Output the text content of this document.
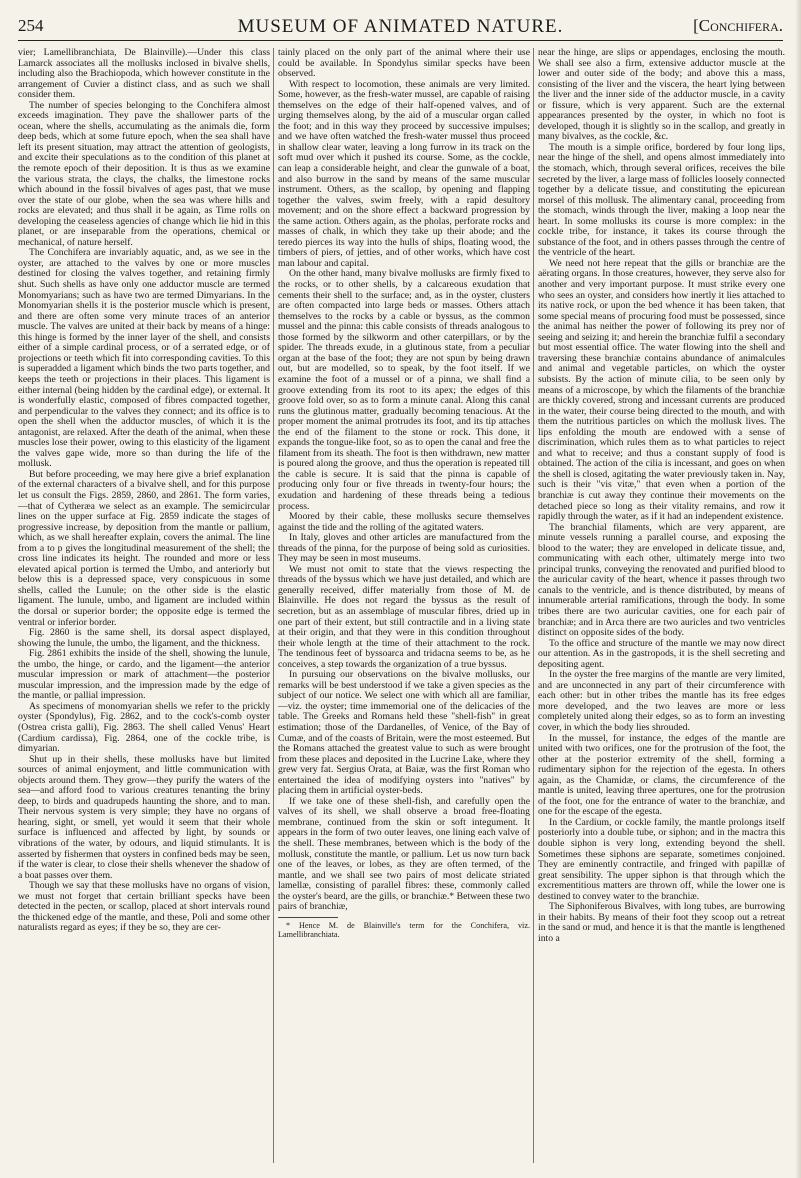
254	MUSEUM OF ANIMATED NATURE.	[Conchifera.

vier; Lamellibranchiata, De Blainville).—Under this class Lamarck associates all the mollusks inclosed in bivalve shells, including also the Brachiopoda, which however constitute in the arrangement of Cuvier a distinct class, and as such we shall consider them.

The number of species belonging to the Conchifera almost exceeds imagination. They pave the shallower parts of the ocean, where the shells, accumulating as the animals die, form deep beds, which at some future epoch, when the sea shall have left its present situation, may attract the attention of geologists, and excite their speculations as to the condition of this planet at the remote epoch of their deposition. It is thus as we examine the various strata, the clays, the chalks, the limestone rocks which abound in the fossil bivalves of ages past, that we muse over the state of our globe, when the sea was where hills and rocks are elevated; and thus shall it be again, as Time rolls on developing the ceaseless agencies of change which lie hid in this planet, or are inseparable from the operations, chemical or mechanical, of nature herself.

The Conchifera are invariably aquatic, and, as we see in the oyster, are attached to the valves by one or more muscles destined for closing the valves together, and retaining firmly shut. Such shells as have only one adductor muscle are termed Monomyarians; such as have two are termed Dimyarians. In the Monomyarian shells it is the posterior muscle which is present, and there are often some very minute traces of an anterior muscle. The valves are united at their back by means of a hinge: this hinge is formed by the inner layer of the shell, and consists either of a simple cardinal process, or of a serrated edge, or of projections or teeth which fit into corresponding cavities. To this is superadded a ligament which binds the two parts together, and keeps the teeth or projections in their places. This ligament is either internal (being hidden by the cardinal edge), or external. It is wonderfully elastic, composed of fibres compacted together, and perpendicular to the valves they connect; and its office is to open the shell when the adductor muscles, of which it is the antagonist, are relaxed. After the death of the animal, when these muscles lose their power, owing to this elasticity of the ligament the valves gape wide, more so than during the life of the mollusk.

But before proceeding, we may here give a brief explanation of the external characters of a bivalve shell, and for this purpose let us consult the Figs. 2859, 2860, and 2861. The form varies,—that of Cytheræa we select as an example. The semicircular lines on the upper surface at Fig. 2859 indicate the stages of progressive increase, by deposition from the mantle or pallium, which, as we shall hereafter explain, covers the animal. The line from a to p gives the longitudinal measurement of the shell; the cross line indicates its height. The rounded and more or less elevated apical portion is termed the Umbo, and anteriorly but below this is a depressed space, very conspicuous in some shells, called the Lunule; on the other side is the elastic ligament. The lunule, umbo, and ligament are included within the dorsal or superior border; the opposite edge is termed the ventral or inferior border.

Fig. 2860 is the same shell, its dorsal aspect displayed, showing the lunule, the umbo, the ligament, and the thickness.

Fig. 2861 exhibits the inside of the shell, showing the lunule, the umbo, the hinge, or cardo, and the ligament—the anterior muscular impression or mark of attachment—the posterior muscular impression, and the impression made by the edge of the mantle, or pallial impression.

As specimens of monomyarian shells we refer to the prickly oyster (Spondylus), Fig. 2862, and to the cock's-comb oyster (Ostrea crista galli), Fig. 2863. The shell called Venus' Heart (Cardium cardissa), Fig. 2864, one of the cockle tribe, is dimyarian.

Shut up in their shells, these mollusks have but limited sources of animal enjoyment, and little communication with objects around them. They grow—they purify the waters of the sea—and afford food to various creatures tenanting the briny deep, to birds and quadrupeds haunting the shore, and to man. Their nervous system is very simple; they have no organs of hearing, sight, or smell, yet would it seem that their whole surface is influenced and affected by light, by sounds or vibrations of the water, by odours, and liquid stimulants. It is asserted by fishermen that oysters in confined beds may be seen, if the water is clear, to close their shells whenever the shadow of a boat passes over them.

Though we say that these mollusks have no organs of vision, we must not forget that certain brilliant specks have been detected in the pecten, or scallop, placed at short intervals round the thickened edge of the mantle, and these, Poli and some other naturalists regard as eyes; if they be so, they are cer-

tainly placed on the only part of the animal where their use could be available. In Spondylus similar specks have been observed.

With respect to locomotion, these animals are very limited. Some, however, as the fresh-water mussel, are capable of raising themselves on the edge of their half-opened valves, and of urging themselves along, by the aid of a muscular organ called the foot; and in this way they proceed by successive impulses; and we have often watched the fresh-water mussel thus proceed in shallow clear water, leaving a long furrow in its track on the soft mud over which it pushed its course. Some, as the cockle, can leap a considerable height, and clear the gunwale of a boat, and also burrow in the sand by means of the same muscular instrument. Others, as the scallop, by opening and flapping together the valves, swim freely, with a rapid desultory movement; and on the shore effect a backward progression by the same action. Others again, as the pholas, perforate rocks and masses of chalk, in which they take up their abode; and the teredo pierces its way into the hulls of ships, floating wood, the timbers of piers, of jetties, and of other works, which have cost man labour and capital.

On the other hand, many bivalve mollusks are firmly fixed to the rocks, or to other shells, by a calcareous exudation that cements their shell to the surface; and, as in the oyster, clusters are often compacted into large beds or masses. Others attach themselves to the rocks by a cable or byssus, as the common mussel and the pinna: this cable consists of threads analogous to those formed by the silkworm and other caterpillars, or by the spider. The threads exude, in a glutinous state, from a peculiar organ at the base of the foot; they are not spun by being drawn out, but are modelled, so to speak, by the foot itself. If we examine the foot of a mussel or of a pinna, we shall find a groove extending from its root to its apex; the edges of this groove fold over, so as to form a minute canal. Along this canal runs the glutinous matter, gradually becoming tenacious. At the proper moment the animal protrudes its foot, and its tip attaches the end of the filament to the stone or rock. This done, it expands the tongue-like foot, so as to open the canal and free the filament from its sheath. The foot is then withdrawn, new matter is poured along the groove, and thus the operation is repeated till the cable is secure. It is said that the pinna is capable of producing only four or five threads in twenty-four hours; the exudation and hardening of these threads being a tedious process.

Moored by their cable, these mollusks secure themselves against the tide and the rolling of the agitated waters.

In Italy, gloves and other articles are manufactured from the threads of the pinna, for the purpose of being sold as curiosities. They may be seen in most museums.

We must not omit to state that the views respecting the threads of the byssus which we have just detailed, and which are generally received, differ materially from those of M. de Blainville. He does not regard the byssus as the result of secretion, but as an assemblage of muscular fibres, dried up in one part of their extent, but still contractile and in a living state at their origin, and that they were in this condition throughout their whole length at the time of their attachment to the rock. The tendinous feet of byssoarca and tridacna seems to be, as he conceives, a step towards the organization of a true byssus.

In pursuing our observations on the bivalve mollusks, our remarks will be best understood if we take a given species as the subject of our notice. We select one with which all are familiar,—viz. the oyster; time immemorial one of the delicacies of the table. The Greeks and Romans held these "shell-fish" in great estimation; those of the Dardanelles, of Venice, of the Bay of Cumæ, and of the coasts of Britain, were the most esteemed. But the Romans attached the greatest value to such as were brought from these places and deposited in the Lucrine Lake, where they grew very fat. Sergius Orata, at Baiæ, was the first Roman who entertained the idea of modifying oysters into "natives" by placing them in artificial oyster-beds.

If we take one of these shell-fish, and carefully open the valves of its shell, we shall observe a broad free-floating membrane, continued from the skin or soft integument. It appears in the form of two outer leaves, one lining each valve of the shell. These membranes, between which is the body of the mollusk, constitute the mantle, or pallium. Let us now turn back one of the leaves, or lobes, as they are often termed, of the mantle, and we shall see two pairs of most delicate striated lamellæ, consisting of parallel fibres: these, commonly called the oyster's beard, are the gills, or branchiæ.* Between these two pairs of branchiæ,

* Hence M. de Blainville's term for the Conchifera, viz. Lamellibranchiata.

near the hinge, are slips or appendages, enclosing the mouth. We shall see also a firm, extensive adductor muscle at the lower and outer side of the body; and above this a mass, consisting of the liver and the viscera, the heart lying between the liver and the inner side of the adductor muscle, in a cavity or fissure, which is very apparent. Such are the external appearances presented by the oyster, in which no foot is developed, though it is slightly so in the scallop, and greatly in many bivalves, as the cockle, &c.

The mouth is a simple orifice, bordered by four long lips, near the hinge of the shell, and opens almost immediately into the stomach, which, through several orifices, receives the bile secreted by the liver, a large mass of follicles loosely connected together by a delicate tissue, and constituting the epicurean morsel of this mollusk. The alimentary canal, proceeding from the stomach, winds through the liver, making a loop near the heart. In some mollusks its course is more complex: in the cockle tribe, for instance, it takes its course through the substance of the foot, and in others passes through the centre of the ventricle of the heart.

We need not here repeat that the gills or branchiæ are the aërating organs. In those creatures, however, they serve also for another and very important purpose. It must strike every one who sees an oyster, and considers how inertly it lies attached to its native rock, or upon the bed whence it has been taken, that some special means of procuring food must be possessed, since the animal has neither the power of following its prey nor of seeing and seizing it; and herein the branchiæ fulfil a secondary but most essential office. The water flowing into the shell and traversing these branchiæ contains abundance of animalcules and animal and vegetable particles, on which the oyster subsists. By the action of minute cilia, to be seen only by means of a microscope, by which the filaments of the branchiæ are thickly covered, strong and incessant currents are produced in the water, their course being directed to the mouth, and with them the nutritious particles on which the mollusk lives. The lips enfolding the mouth are endowed with a sense of discrimination, which rules them as to what particles to reject and what to receive; and thus a constant supply of food is obtained. The action of the cilia is incessant, and goes on when the shell is closed, agitating the water previously taken in. Nay, such is their "vis vitæ," that even when a portion of the branchiæ is cut away they continue their movements on the detached piece so long as their vitality remains, and row it rapidly through the water, as if it had an independent existence.

The branchial filaments, which are very apparent, are minute vessels running a parallel course, and exposing the blood to the water; they are enveloped in delicate tissue, and, communicating with each other, ultimately merge into two principal trunks, conveying the renovated and purified blood to the auricular cavity of the heart, whence it passes through two canals to the ventricle, and is thence distributed, by means of innumerable arterial ramifications, through the body. In some tribes there are two auricular cavities, one for each pair of branchiæ; and in Arca there are two auricles and two ventricles distinct on opposite sides of the body.

To the office and structure of the mantle we may now direct our attention. As in the gastropods, it is the shell secreting and depositing agent.

In the oyster the free margins of the mantle are very limited, and are unconnected in any part of their circumference with each other: but in other tribes the mantle has its free edges more developed, and the two leaves are more or less completely united along their edges, so as to form an investing cover, in which the body lies shrouded.

In the mussel, for instance, the edges of the mantle are united with two orifices, one for the protrusion of the foot, the other at the posterior extremity of the shell, forming a rudimentary siphon for the rejection of the egesta. In others again, as the Chamidæ, or clams, the circumference of the mantle is united, leaving three apertures, one for the protrusion of the foot, one for the entrance of water to the branchiæ, and one for the escape of the egesta.

In the Cardium, or cockle family, the mantle prolongs itself posteriorly into a double tube, or siphon; and in the mactra this double siphon is very long, extending beyond the shell. Sometimes these siphons are separate, sometimes conjoined. They are eminently contractile, and fringed with papillæ of great sensibility. The upper siphon is that through which the excrementitious matters are thrown off, while the lower one is destined to convey water to the branchiæ.

The Siphoniferous Bivalves, with long tubes, are burrowing in their habits. By means of their foot they scoop out a retreat in the sand or mud, and hence it is that the mantle is lengthened into a
